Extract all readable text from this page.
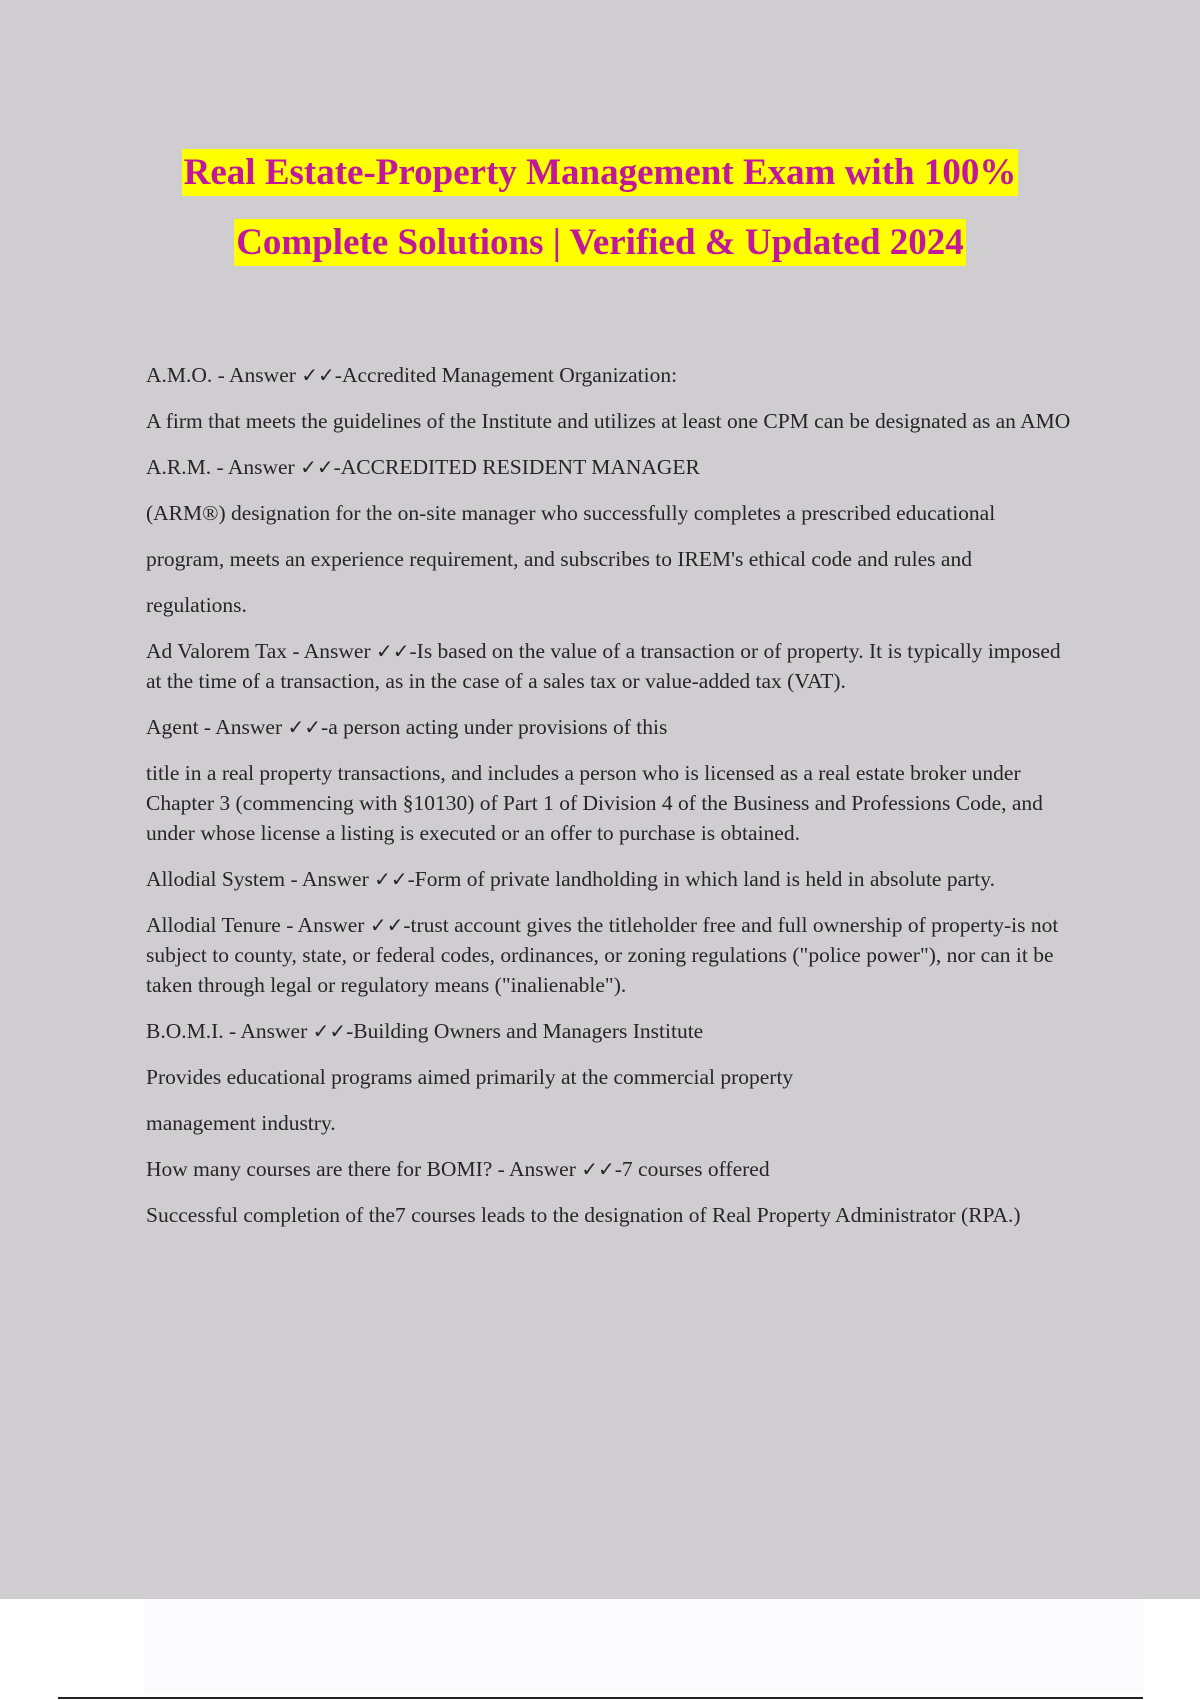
Real Estate-Property Management Exam with 100%
Complete Solutions | Verified & Updated 2024

A.M.O. - Answer ✓✓-Accredited Management Organization:

A firm that meets the guidelines of the Institute and utilizes at least one CPM can be designated as an AMO

A.R.M. - Answer ✓✓-ACCREDITED RESIDENT MANAGER

(ARM®) designation for the on-site manager who successfully completes a prescribed educational

program, meets an experience requirement, and subscribes to IREM's ethical code and rules and

regulations.

Ad Valorem Tax - Answer ✓✓-Is based on the value of a transaction or of property. It is typically imposed at the time of a transaction, as in the case of a sales tax or value-added tax (VAT).

Agent - Answer ✓✓-a person acting under provisions of this

title in a real property transactions, and includes a person who is licensed as a real estate broker under Chapter 3 (commencing with §10130) of Part 1 of Division 4 of the Business and Professions Code, and under whose license a listing is executed or an offer to purchase is obtained.

Allodial System - Answer ✓✓-Form of private landholding in which land is held in absolute party.

Allodial Tenure - Answer ✓✓-trust account gives the titleholder free and full ownership of property-is not subject to county, state, or federal codes, ordinances, or zoning regulations ("police power"), nor can it be taken through legal or regulatory means ("inalienable").

B.O.M.I. - Answer ✓✓-Building Owners and Managers Institute

Provides educational programs aimed primarily at the commercial property

management industry.

How many courses are there for BOMI? - Answer ✓✓-7 courses offered

Successful completion of the7 courses leads to the designation of Real Property Administrator (RPA.)
